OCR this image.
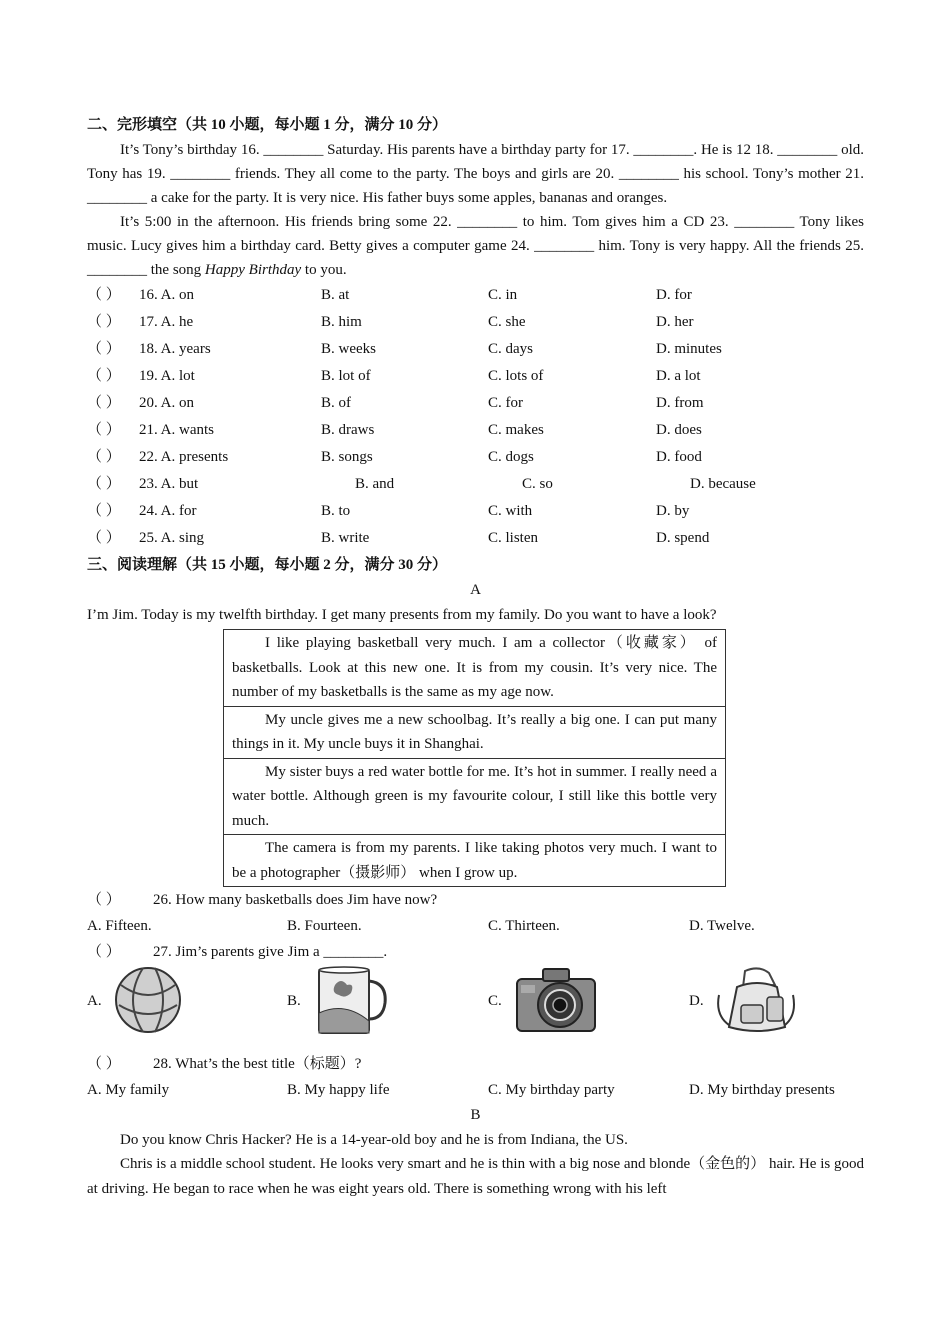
二、完形填空（共 10 小题，每小题 1 分，满分 10 分）
It’s Tony’s birthday 16. ________ Saturday. His parents have a birthday party for 17. ________. He is 12 18. ________ old. Tony has 19. ________ friends. They all come to the party. The boys and girls are 20. ________ his school. Tony’s mother 21. ________ a cake for the party. It is very nice. His father buys some apples, bananas and oranges.
It’s 5:00 in the afternoon. His friends bring some 22. ________ to him. Tom gives him a CD 23. ________ Tony likes music. Lucy gives him a birthday card. Betty gives a computer game 24. ________ him. Tony is very happy. All the friends 25. ________ the song Happy Birthday to you.
（ ） 16. A. on	B. at	C. in	D. for
（ ） 17. A. he	B. him	C. she	D. her
（ ） 18. A. years	B. weeks	C. days	D. minutes
（ ） 19. A. lot	B. lot of	C. lots of	D. a lot
（ ） 20. A. on	B. of	C. for	D. from
（ ） 21. A. wants	B. draws	C. makes	D. does
（ ） 22. A. presents	B. songs	C. dogs	D. food
（ ） 23. A. but	B. and	C. so	D. because
（ ） 24. A. for	B. to	C. with	D. by
（ ） 25. A. sing	B. write	C. listen	D. spend
三、阅读理解（共 15 小题，每小题 2 分，满分 30 分）
A
I’m Jim. Today is my twelfth birthday. I get many presents from my family. Do you want to have a look?
I like playing basketball very much. I am a collector（收藏家） of basketballs. Look at this new one. It is from my cousin. It’s very nice. The number of my basketballs is the same as my age now.
My uncle gives me a new schoolbag. It’s really a big one. I can put many things in it. My uncle buys it in Shanghai.
My sister buys a red water bottle for me. It’s hot in summer. I really need a water bottle. Although green is my favourite colour, I still like this bottle very much.
The camera is from my parents. I like taking photos very much. I want to be a photographer（摄影师） when I grow up.
（ ） 26. How many basketballs does Jim have now?
A. Fifteen.	B. Fourteen.	C. Thirteen.	D. Twelve.
（ ） 27. Jim’s parents give Jim a ________.
A.	B.	C.	D.
（ ） 28. What’s the best title（标题）?
A. My family	B. My happy life	C. My birthday party	D. My birthday presents
B
Do you know Chris Hacker? He is a 14-year-old boy and he is from Indiana, the US.
Chris is a middle school student. He looks very smart and he is thin with a big nose and blonde（金色的） hair. He is good at driving. He began to race when he was eight years old. There is something wrong with his left
